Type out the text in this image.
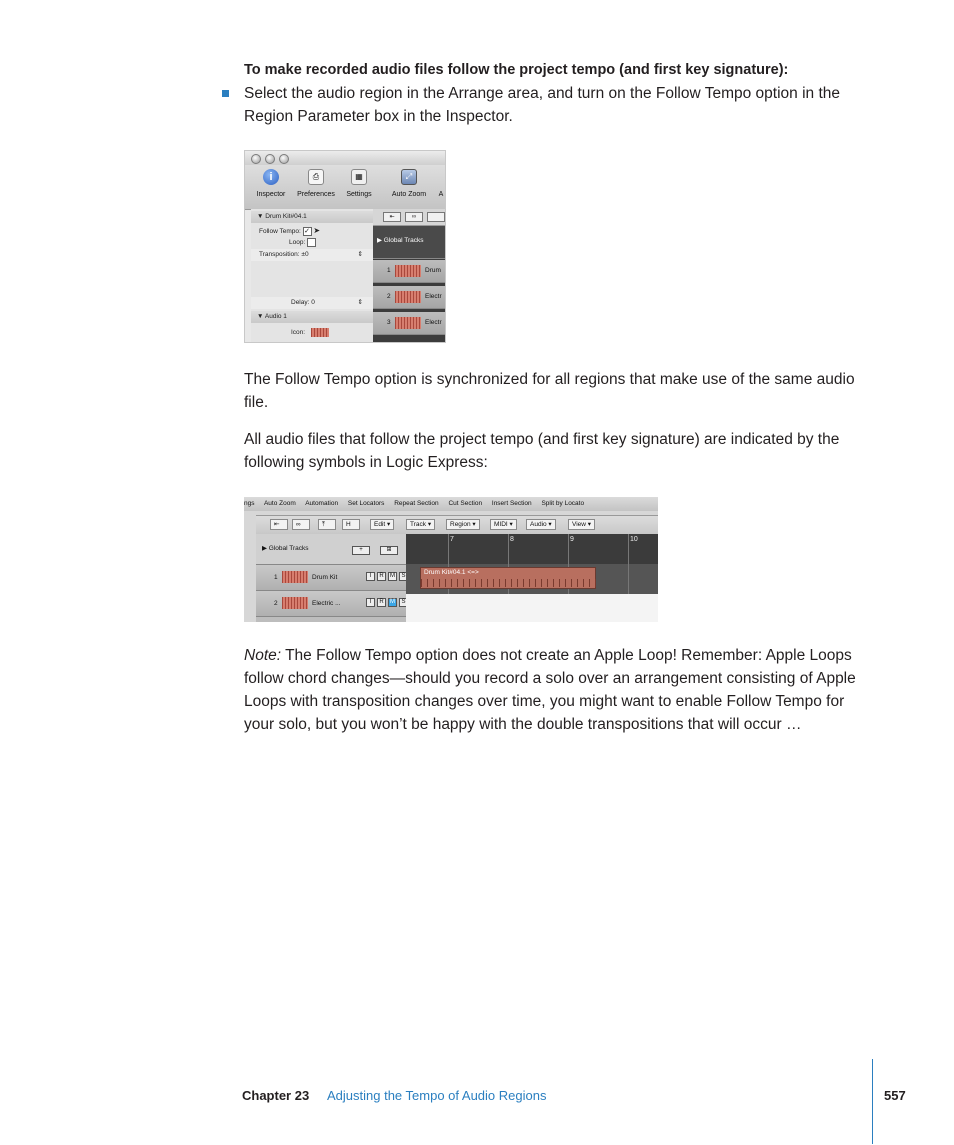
To make recorded audio files follow the project tempo (and first key signature):
Select the audio region in the Arrange area, and turn on the Follow Tempo option in the Region Parameter box in the Inspector.
i
Inspector
⎙
Preferences
▦
Settings
⤢
Auto Zoom	A
▼ Drum Kit#04.1
Follow Tempo: ✓ ➤
Loop:
Transposition: ±0	⇕
Delay: 0	⇕
▼ Audio 1
Icon:
⇤	∞
▶ Global Tracks
1	Drum
2	Electr
3	Electr
The Follow Tempo option is synchronized for all regions that make use of the same audio file.
All audio files that follow the project tempo (and first key signature) are indicated by the following symbols in Logic Express:
ngs Auto Zoom Automation Set Locators Repeat Section Cut Section Insert Section Split by Locato
⇤	∞	⤒	H	Edit ▾	Track ▾	Region ▾	MIDI ▾	Audio ▾	View ▾
▶ Global Tracks	+	⊞
1	Drum Kit	I	R	M	S
2	Electric ...	I	R	M	S
7	8	9	10
Drum Kit#04.1 <=>
Note: The Follow Tempo option does not create an Apple Loop! Remember: Apple Loops follow chord changes—should you record a solo over an arrangement consisting of Apple Loops with transposition changes over time, you might want to enable Follow Tempo for your solo, but you won’t be happy with the double transpositions that will occur …
Chapter 23 Adjusting the Tempo of Audio Regions	557
